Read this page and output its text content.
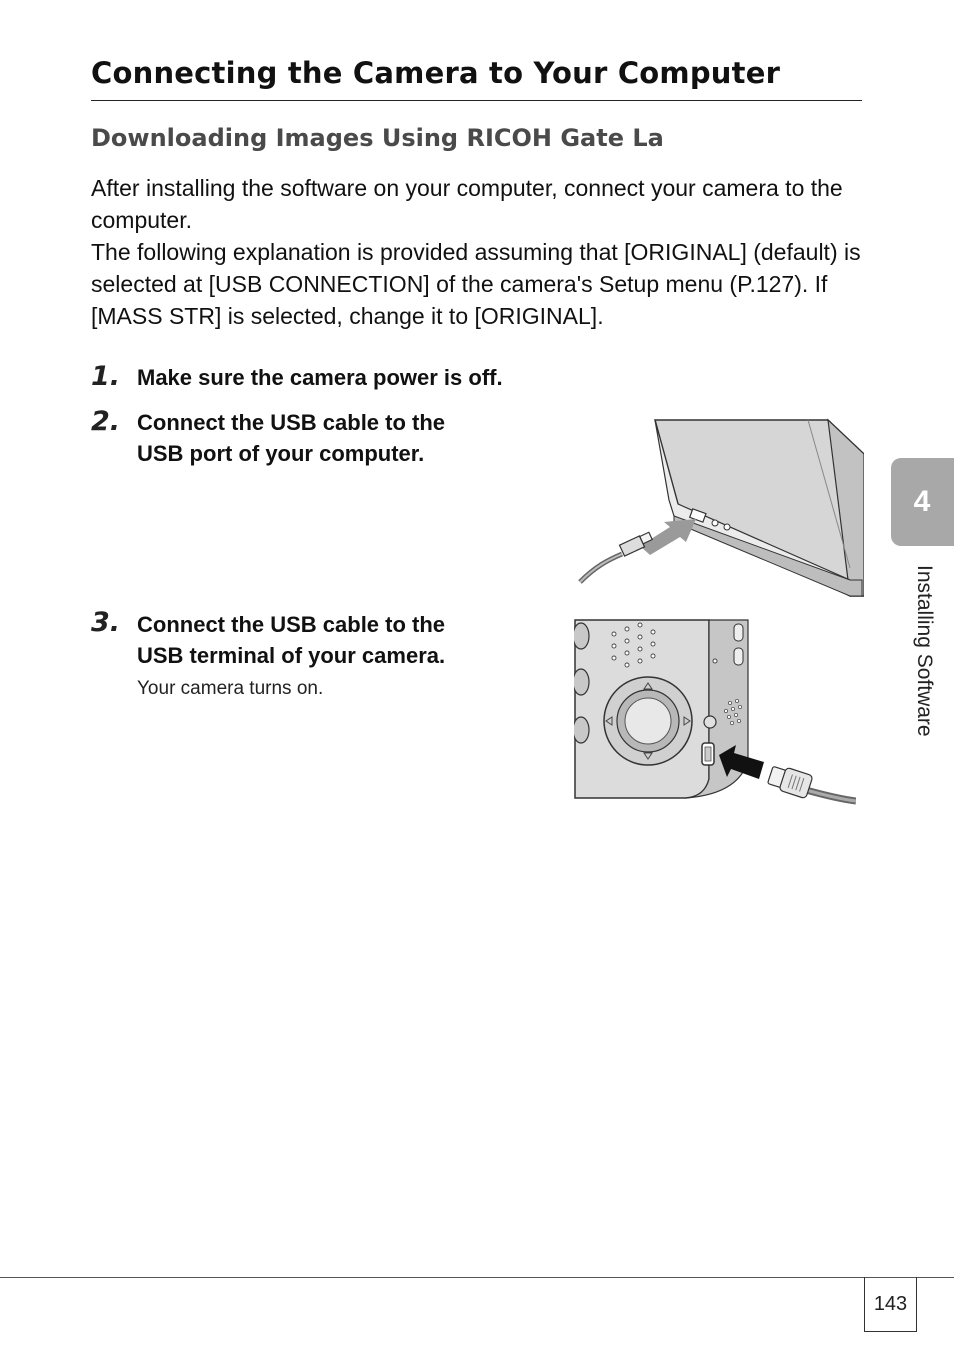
Connecting the Camera to Your Computer
Downloading Images Using RICOH Gate La

After installing the software on your computer, connect your camera to the computer.

The following explanation is provided assuming that [ORIGINAL] (default) is selected at [USB CONNECTION] of the camera's Setup menu (P.127). If [MASS STR] is selected, change it to [ORIGINAL].

1. Make sure the camera power is off.
2. Connect the USB cable to the
USB port of your computer.
3. Connect the USB cable to the
USB terminal of your camera.
Your camera turns on.
4
Installing Software
143
